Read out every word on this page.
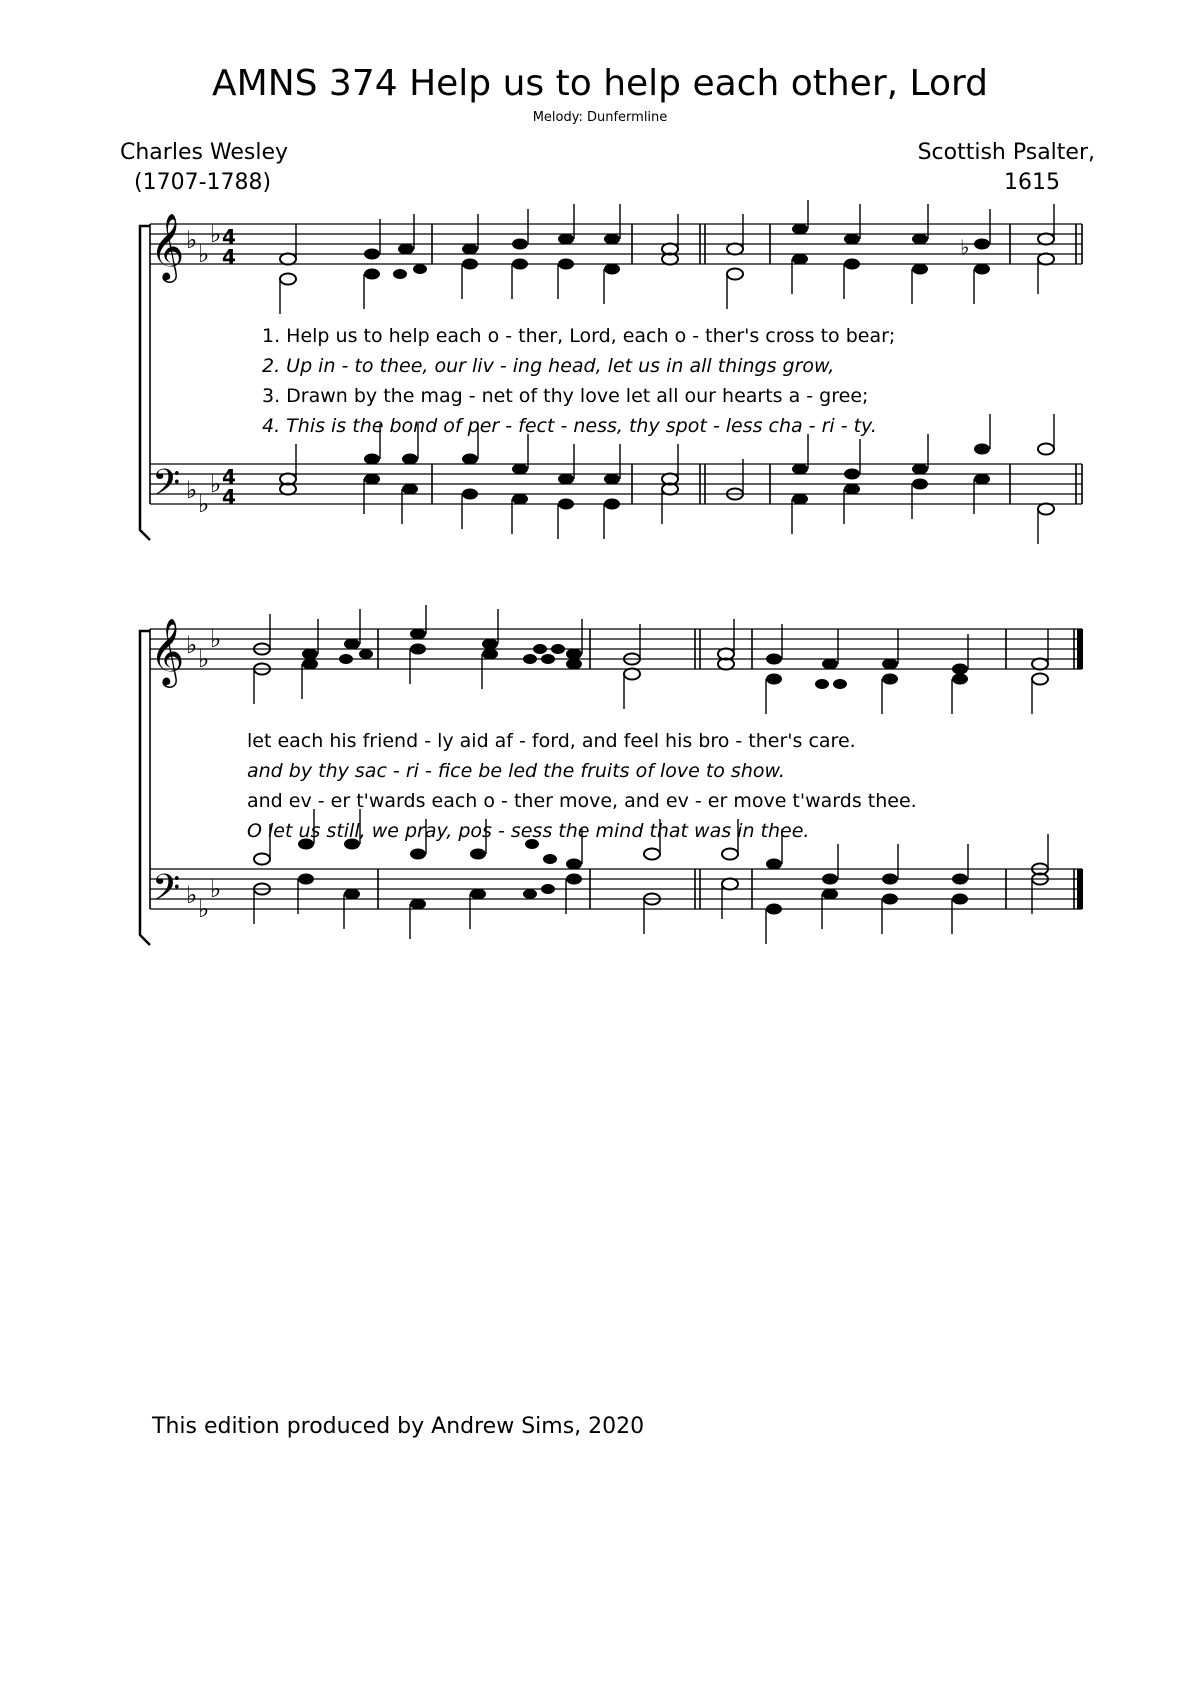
AMNS 374 Help us to help each other, Lord
Melody: Dunfermline
Charles Wesley
(1707-1788)
Scottish Psalter,
1615
𝄞 ♭ ♭
♭ 4
4
𝄢 ♭ ♭
♭ 4
4
♭
1. Help us to help each o - ther, Lord, each o - ther's cross to bear;
2. Up in - to thee, our liv - ing head, let us in all things grow,
3. Drawn by the mag - net of thy love let all our hearts a - gree;
4. This is the bond of per - fect - ness, thy spot - less cha - ri - ty.
𝄞 ♭ ♭
♭
𝄢 ♭ ♭
♭
let each his friend - ly aid af - ford, and feel his bro - ther's care.
and by thy sac - ri - fice be led the fruits of love to show.
and ev - er t'wards each o - ther move, and ev - er move t'wards thee.
O let us still, we pray, pos - sess the mind that was in thee.
This edition produced by Andrew Sims, 2020
